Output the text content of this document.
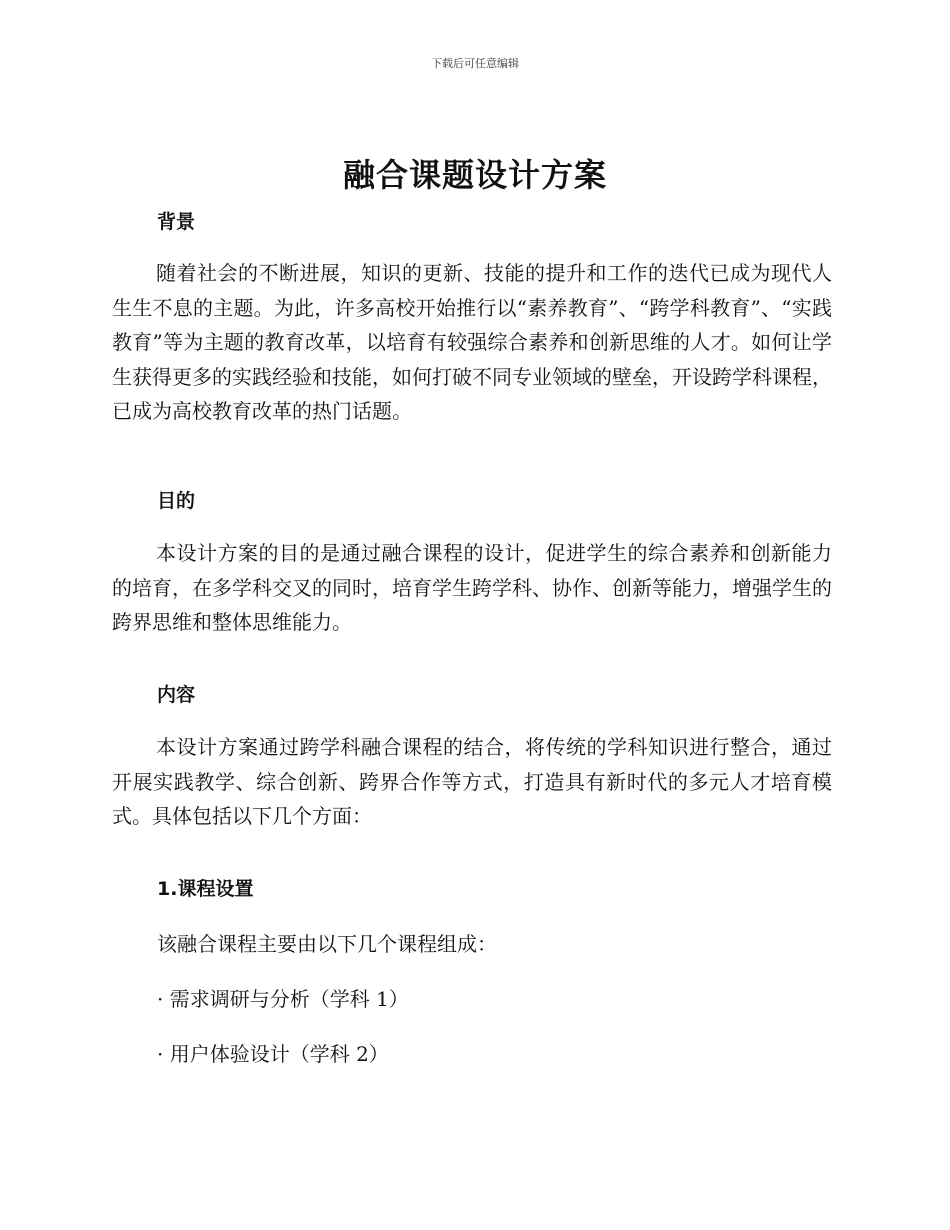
下载后可任意编辑

融合课题设计方案
背景

随着社会的不断进展，知识的更新、技能的提升和工作的迭代已成为现代人生生不息的主题。为此，许多高校开始推行以“素养教育”、“跨学科教育”、“实践教育”等为主题的教育改革，以培育有较强综合素养和创新思维的人才。如何让学生获得更多的实践经验和技能，如何打破不同专业领域的壁垒，开设跨学科课程，已成为高校教育改革的热门话题。

目的

本设计方案的目的是通过融合课程的设计，促进学生的综合素养和创新能力的培育，在多学科交叉的同时，培育学生跨学科、协作、创新等能力，增强学生的跨界思维和整体思维能力。

内容

本设计方案通过跨学科融合课程的结合，将传统的学科知识进行整合，通过开展实践教学、综合创新、跨界合作等方式，打造具有新时代的多元人才培育模式。具体包括以下几个方面：

1.课程设置

该融合课程主要由以下几个课程组成：

· 需求调研与分析（学科 1）

· 用户体验设计（学科 2）
